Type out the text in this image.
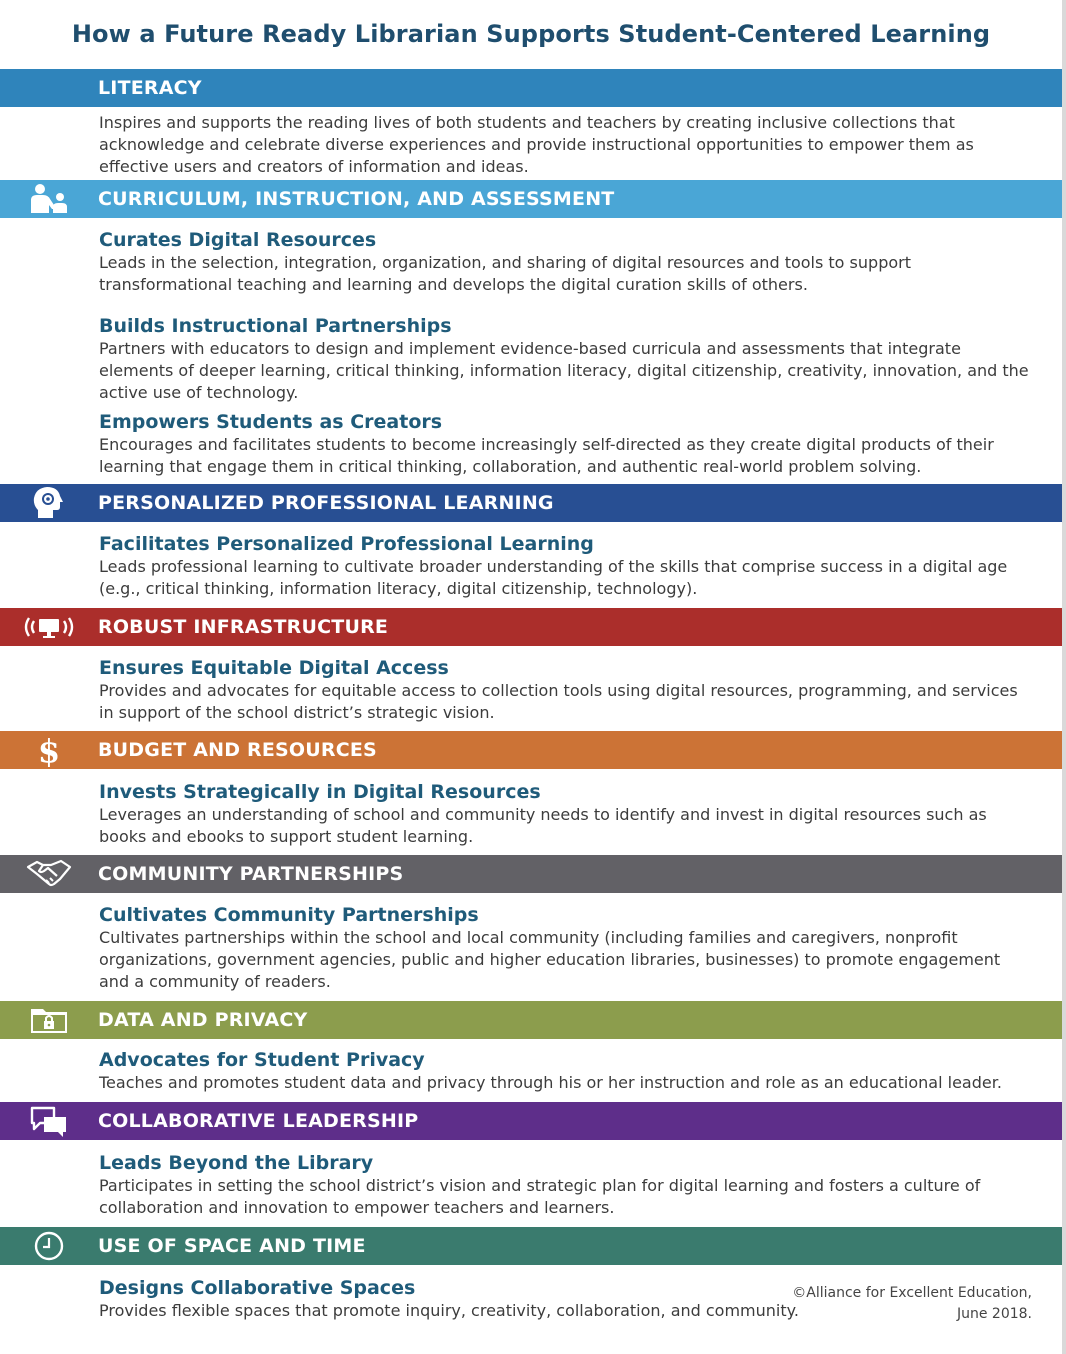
How a Future Ready Librarian Supports Student-Centered Learning
LITERACY

Inspires and supports the reading lives of both students and teachers by creating inclusive collections that acknowledge and celebrate diverse experiences and provide instructional opportunities to empower them as effective users and creators of information and ideas.

CURRICULUM, INSTRUCTION, AND ASSESSMENT
Curates Digital Resources

Leads in the selection, integration, organization, and sharing of digital resources and tools to support transformational teaching and learning and develops the digital curation skills of others.

Builds Instructional Partnerships

Partners with educators to design and implement evidence-based curricula and assessments that integrate elements of deeper learning, critical thinking, information literacy, digital citizenship, creativity, innovation, and the active use of technology.

Empowers Students as Creators

Encourages and facilitates students to become increasingly self-directed as they create digital products of their learning that engage them in critical thinking, collaboration, and authentic real-world problem solving.

PERSONALIZED PROFESSIONAL LEARNING
Facilitates Personalized Professional Learning

Leads professional learning to cultivate broader understanding of the skills that comprise success in a digital age (e.g., critical thinking, information literacy, digital citizenship, technology).

ROBUST INFRASTRUCTURE
Ensures Equitable Digital Access

Provides and advocates for equitable access to collection tools using digital resources, programming, and services in support of the school district’s strategic vision.

$ BUDGET AND RESOURCES
Invests Strategically in Digital Resources

Leverages an understanding of school and community needs to identify and invest in digital resources such as books and ebooks to support student learning.

COMMUNITY PARTNERSHIPS
Cultivates Community Partnerships

Cultivates partnerships within the school and local community (including families and caregivers, nonprofit organizations, government agencies, public and higher education libraries, businesses) to promote engagement and a community of readers.

DATA AND PRIVACY
Advocates for Student Privacy

Teaches and promotes student data and privacy through his or her instruction and role as an educational leader.

COLLABORATIVE LEADERSHIP
Leads Beyond the Library

Participates in setting the school district’s vision and strategic plan for digital learning and fosters a culture of collaboration and innovation to empower teachers and learners.

USE OF SPACE AND TIME
Designs Collaborative Spaces

Provides flexible spaces that promote inquiry, creativity, collaboration, and community.

©Alliance for Excellent Education,
June 2018.
